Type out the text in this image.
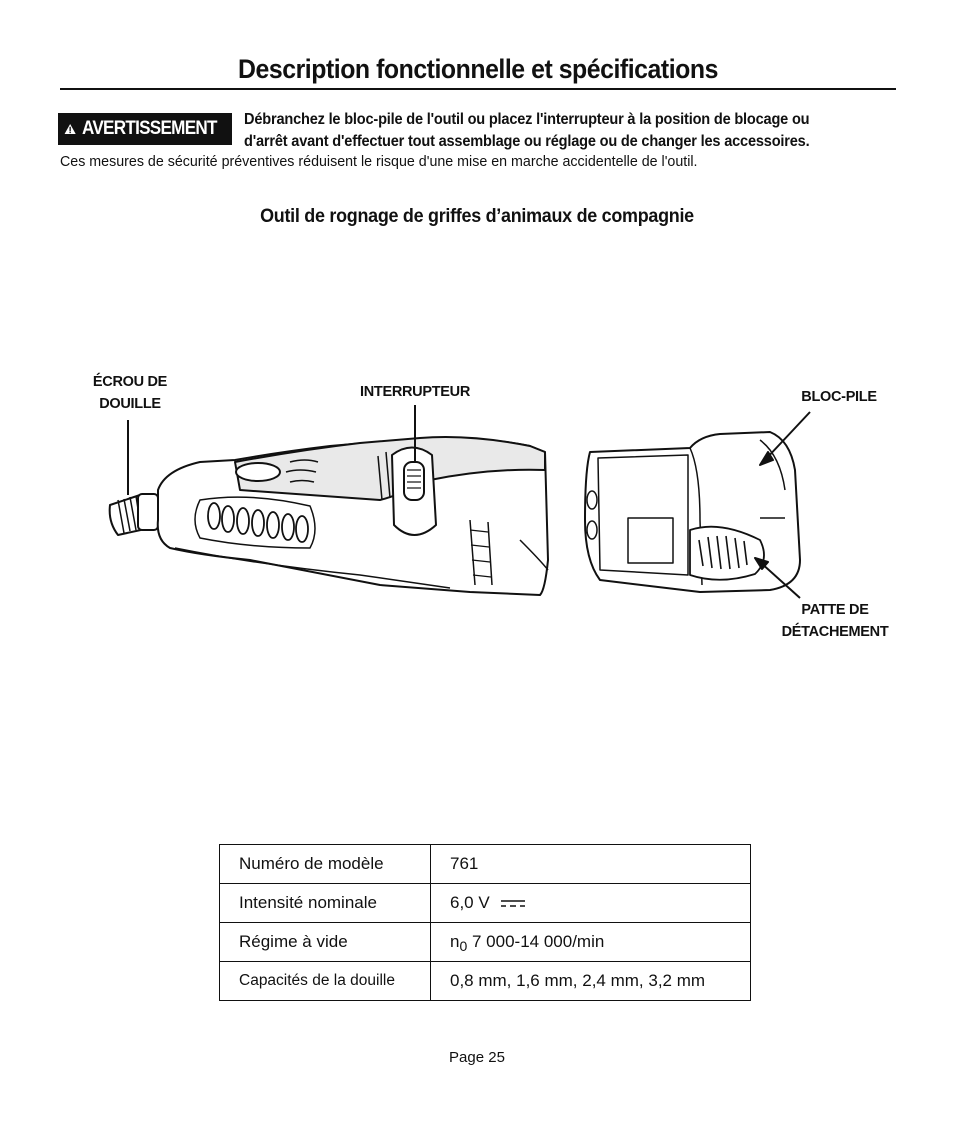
Description fonctionnelle et spécifications
AVERTISSEMENT Débranchez le bloc-pile de l'outil ou placez l'interrupteur à la position de blocage ou
d'arrêt avant d'effectuer tout assemblage ou réglage ou de changer les accessoires.
Ces mesures de sécurité préventives réduisent le risque d'une mise en marche accidentelle de l'outil.
Outil de rognage de griffes d’animaux de compagnie
ÉCROU DE
DOUILLE
INTERRUPTEUR	BLOC-PILE
PATTE DE
DÉTACHEMENT
Numéro de modèle	761
Intensité nominale	6,0 V
Régime à vide	$n_0$ 7 000-14 000/min
Capacités de la douille	0,8 mm, 1,6 mm, 2,4 mm, 3,2 mm
Page 25
